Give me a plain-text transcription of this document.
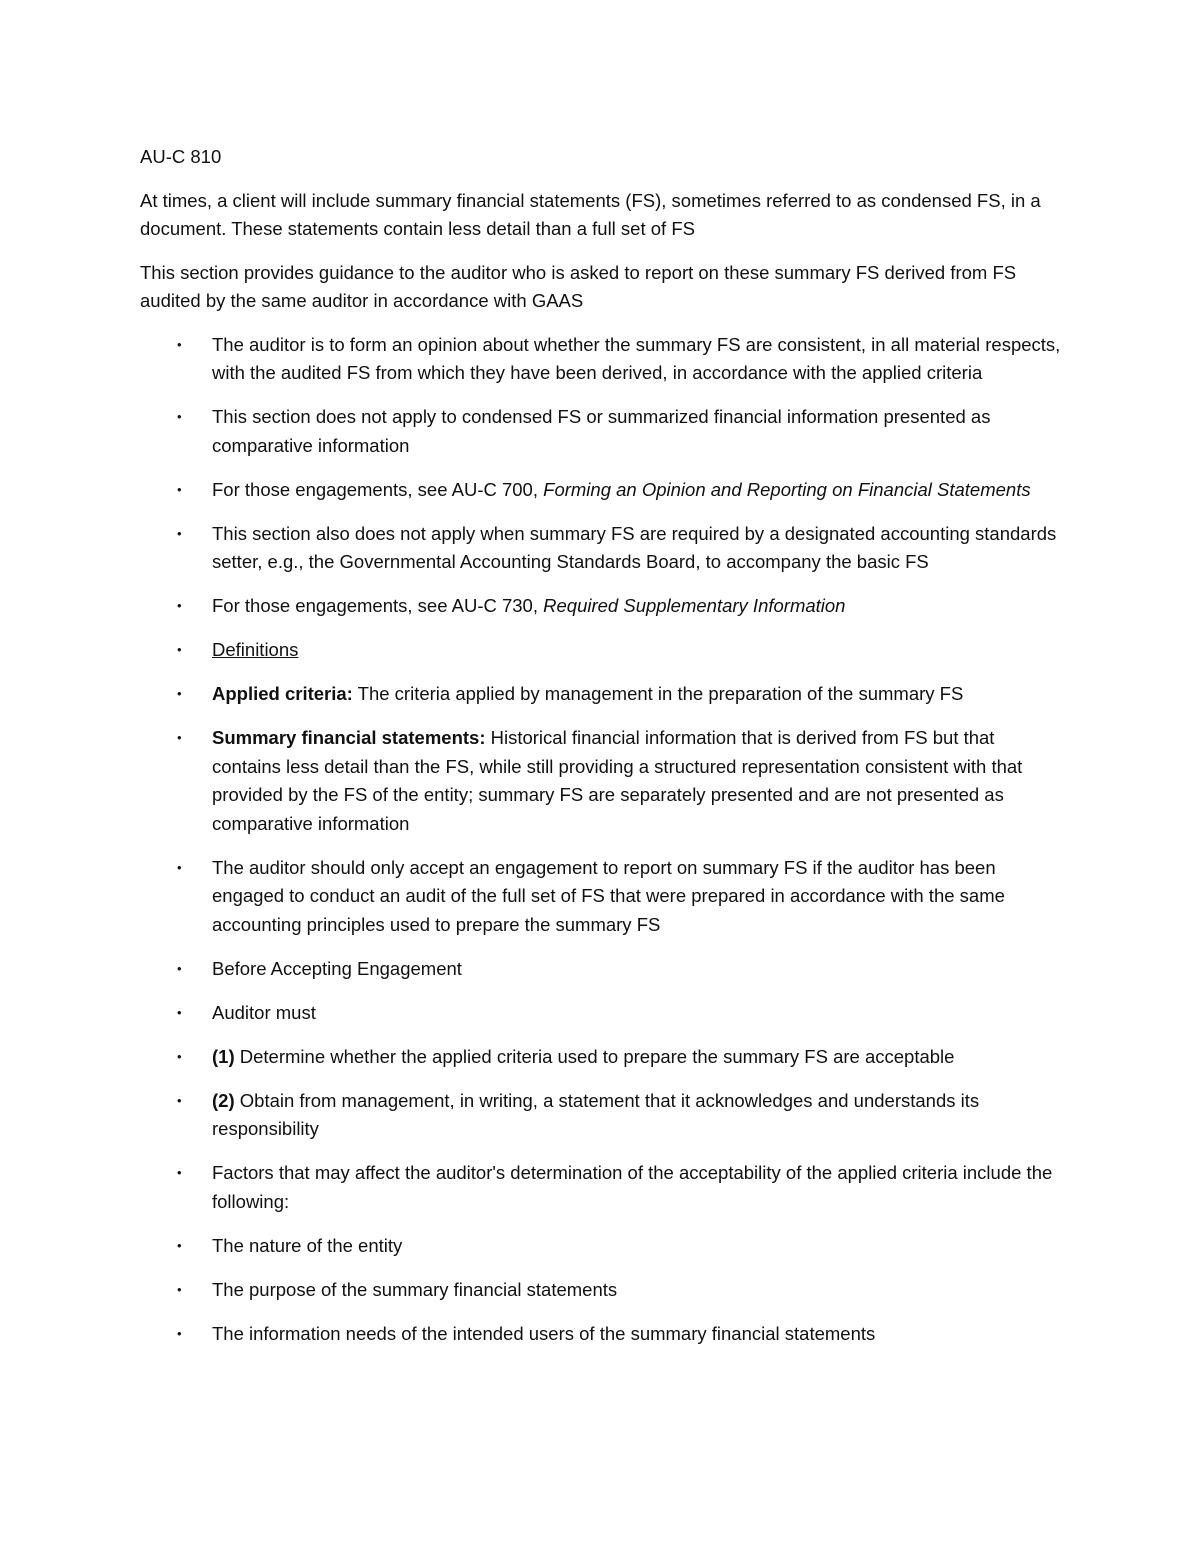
AU-C 810

At times, a client will include summary financial statements (FS), sometimes referred to as condensed FS, in a document. These statements contain less detail than a full set of FS

This section provides guidance to the auditor who is asked to report on these summary FS derived from FS audited by the same auditor in accordance with GAAS

• The auditor is to form an opinion about whether the summary FS are consistent, in all material respects, with the audited FS from which they have been derived, in accordance with the applied criteria
• This section does not apply to condensed FS or summarized financial information presented as comparative information
• For those engagements, see AU-C 700, Forming an Opinion and Reporting on Financial Statements
• This section also does not apply when summary FS are required by a designated accounting standards setter, e.g., the Governmental Accounting Standards Board, to accompany the basic FS
• For those engagements, see AU-C 730, Required Supplementary Information
• Definitions
• Applied criteria: The criteria applied by management in the preparation of the summary FS
• Summary financial statements: Historical financial information that is derived from FS but that contains less detail than the FS, while still providing a structured representation consistent with that provided by the FS of the entity; summary FS are separately presented and are not presented as comparative information
• The auditor should only accept an engagement to report on summary FS if the auditor has been engaged to conduct an audit of the full set of FS that were prepared in accordance with the same accounting principles used to prepare the summary FS
• Before Accepting Engagement
• Auditor must
• (1) Determine whether the applied criteria used to prepare the summary FS are acceptable
• (2) Obtain from management, in writing, a statement that it acknowledges and understands its responsibility
• Factors that may affect the auditor's determination of the acceptability of the applied criteria include the following:
• The nature of the entity
• The purpose of the summary financial statements
• The information needs of the intended users of the summary financial statements
